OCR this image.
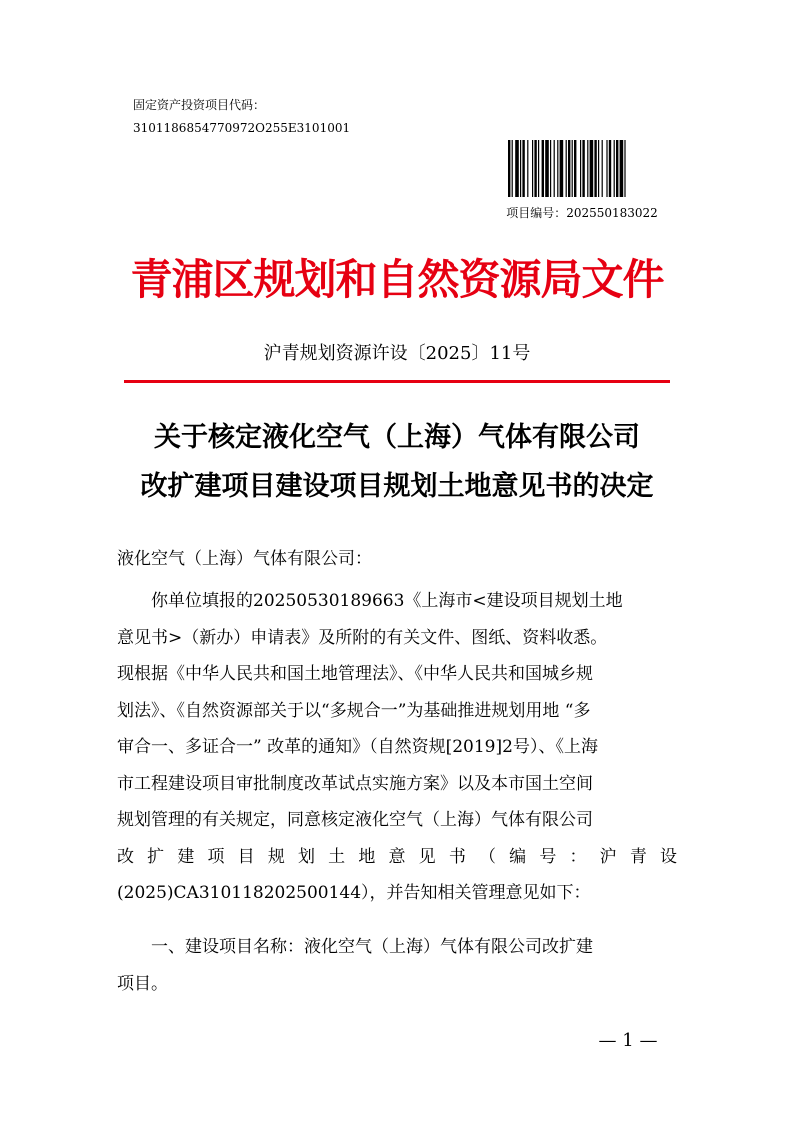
固定资产投资项目代码：
3101186854770972O255E3101001
项目编号：202550183022
青浦区规划和自然资源局文件
沪青规划资源许设〔2025〕11号
关于核定液化空气（上海）气体有限公司
改扩建项目建设项目规划土地意见书的决定
液化空气（上海）气体有限公司：
你单位填报的20250530189663《上海市<建设项目规划土地
意见书>（新办）申请表》及所附的有关文件、图纸、资料收悉。
现根据《中华人民共和国土地管理法》、《中华人民共和国城乡规
划法》、《自然资源部关于以“多规合一”为基础推进规划用地 “多
审合一、多证合一” 改革的通知》（自然资规[2019]2号）、《上海
市工程建设项目审批制度改革试点实施方案》以及本市国土空间
规划管理的有关规定，同意核定液化空气（上海）气体有限公司
改扩建项目规划土地意见书（编号：沪青设
(2025)CA310118202500144），并告知相关管理意见如下：
一、建设项目名称：液化空气（上海）气体有限公司改扩建
项目。
— 1 —
